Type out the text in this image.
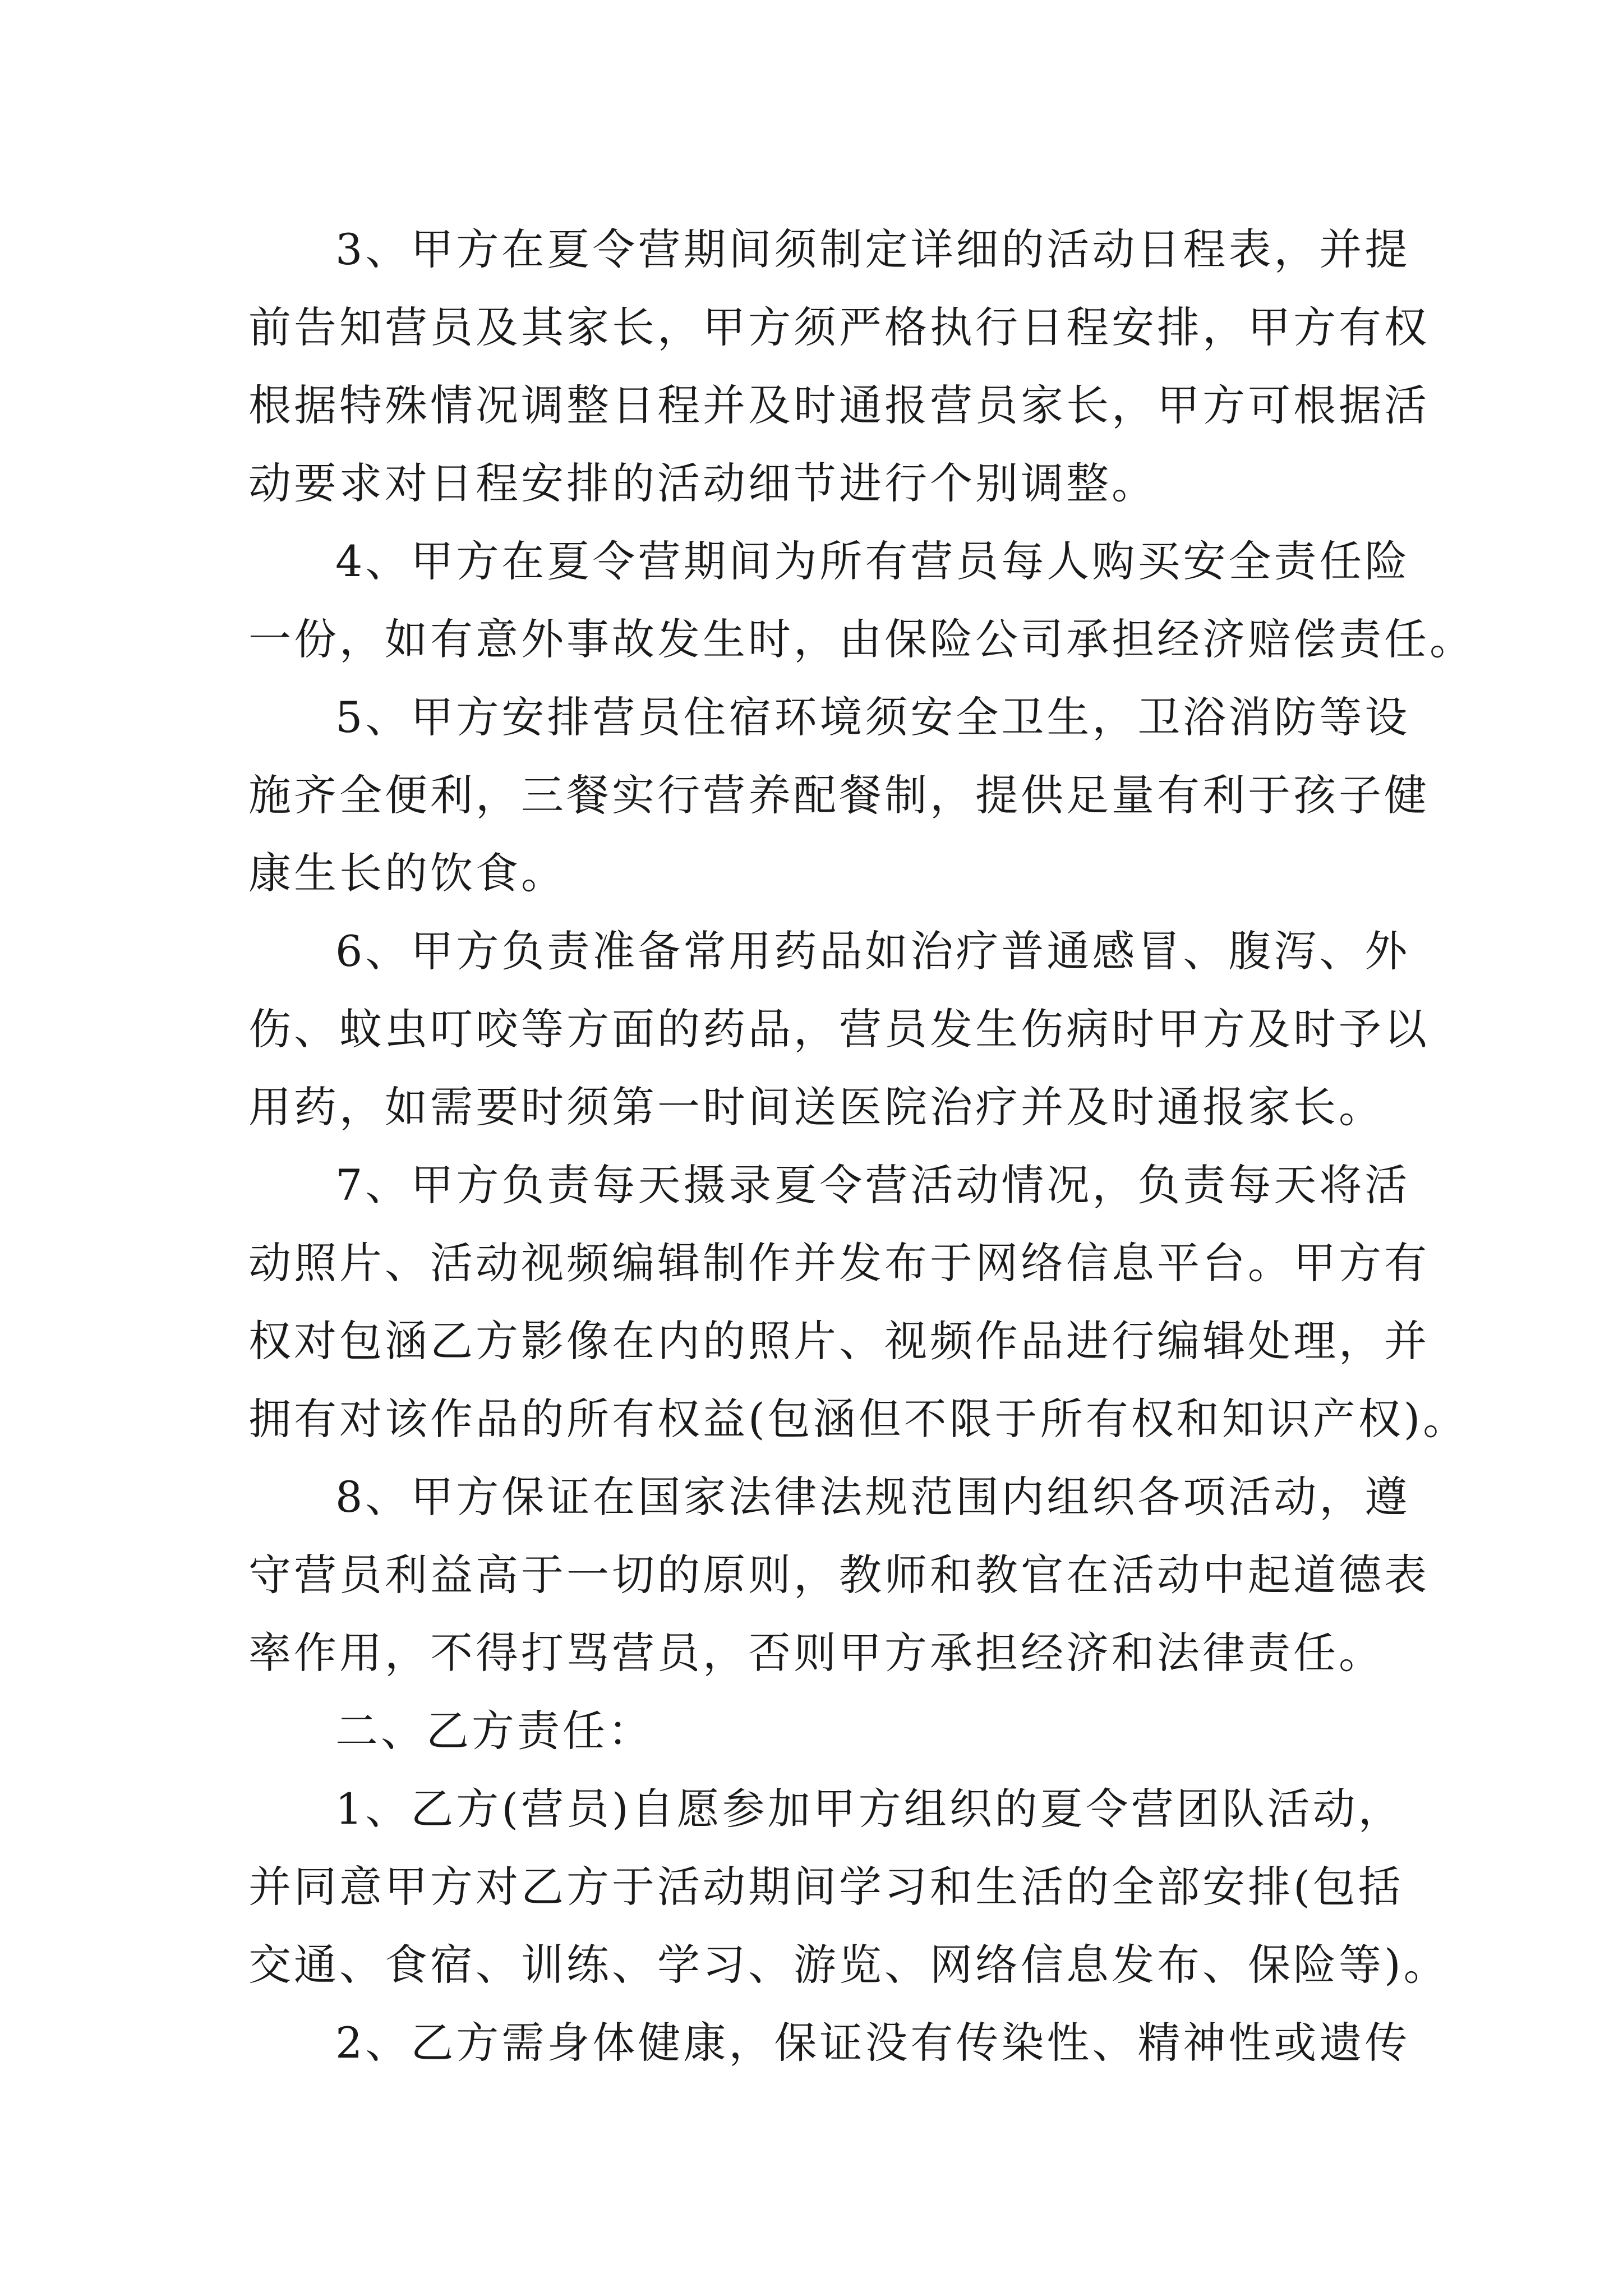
3、甲方在夏令营期间须制定详细的活动日程表，并提

前告知营员及其家长，甲方须严格执行日程安排，甲方有权

根据特殊情况调整日程并及时通报营员家长，甲方可根据活

动要求对日程安排的活动细节进行个别调整。

4、甲方在夏令营期间为所有营员每人购买安全责任险

一份，如有意外事故发生时，由保险公司承担经济赔偿责任。

5、甲方安排营员住宿环境须安全卫生，卫浴消防等设

施齐全便利，三餐实行营养配餐制，提供足量有利于孩子健

康生长的饮食。

6、甲方负责准备常用药品如治疗普通感冒、腹泻、外

伤、蚊虫叮咬等方面的药品，营员发生伤病时甲方及时予以

用药，如需要时须第一时间送医院治疗并及时通报家长。

7、甲方负责每天摄录夏令营活动情况，负责每天将活

动照片、活动视频编辑制作并发布于网络信息平台。甲方有

权对包涵乙方影像在内的照片、视频作品进行编辑处理，并

拥有对该作品的所有权益(包涵但不限于所有权和知识产权)。

8、甲方保证在国家法律法规范围内组织各项活动，遵

守营员利益高于一切的原则，教师和教官在活动中起道德表

率作用，不得打骂营员，否则甲方承担经济和法律责任。

二、乙方责任：

1、乙方(营员)自愿参加甲方组织的夏令营团队活动，

并同意甲方对乙方于活动期间学习和生活的全部安排(包括

交通、食宿、训练、学习、游览、网络信息发布、保险等)。

2、乙方需身体健康，保证没有传染性、精神性或遗传
